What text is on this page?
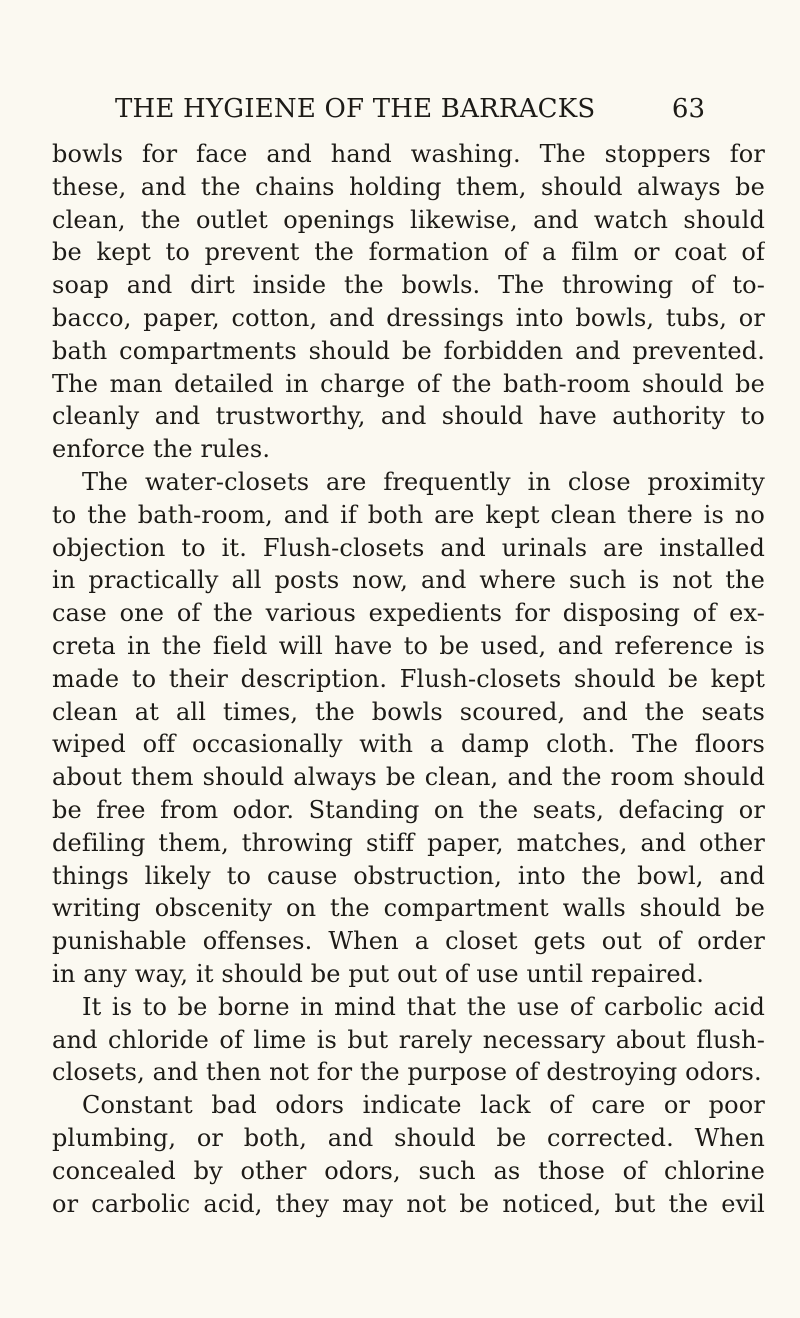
THE HYGIENE OF THE BARRACKS	63
bowls for face and hand washing. The stoppers for
these, and the chains holding them, should always be
clean, the outlet openings likewise, and watch should
be kept to prevent the formation of a film or coat of
soap and dirt inside the bowls. The throwing of to-
bacco, paper, cotton, and dressings into bowls, tubs, or
bath compartments should be forbidden and prevented.
The man detailed in charge of the bath-room should be
cleanly and trustworthy, and should have authority to
enforce the rules.
The water-closets are frequently in close proximity
to the bath-room, and if both are kept clean there is no
objection to it. Flush-closets and urinals are installed
in practically all posts now, and where such is not the
case one of the various expedients for disposing of ex-
creta in the field will have to be used, and reference is
made to their description. Flush-closets should be kept
clean at all times, the bowls scoured, and the seats
wiped off occasionally with a damp cloth. The floors
about them should always be clean, and the room should
be free from odor. Standing on the seats, defacing or
defiling them, throwing stiff paper, matches, and other
things likely to cause obstruction, into the bowl, and
writing obscenity on the compartment walls should be
punishable offenses. When a closet gets out of order
in any way, it should be put out of use until repaired.
It is to be borne in mind that the use of carbolic acid
and chloride of lime is but rarely necessary about flush-
closets, and then not for the purpose of destroying odors.
Constant bad odors indicate lack of care or poor
plumbing, or both, and should be corrected. When
concealed by other odors, such as those of chlorine
or carbolic acid, they may not be noticed, but the evil
